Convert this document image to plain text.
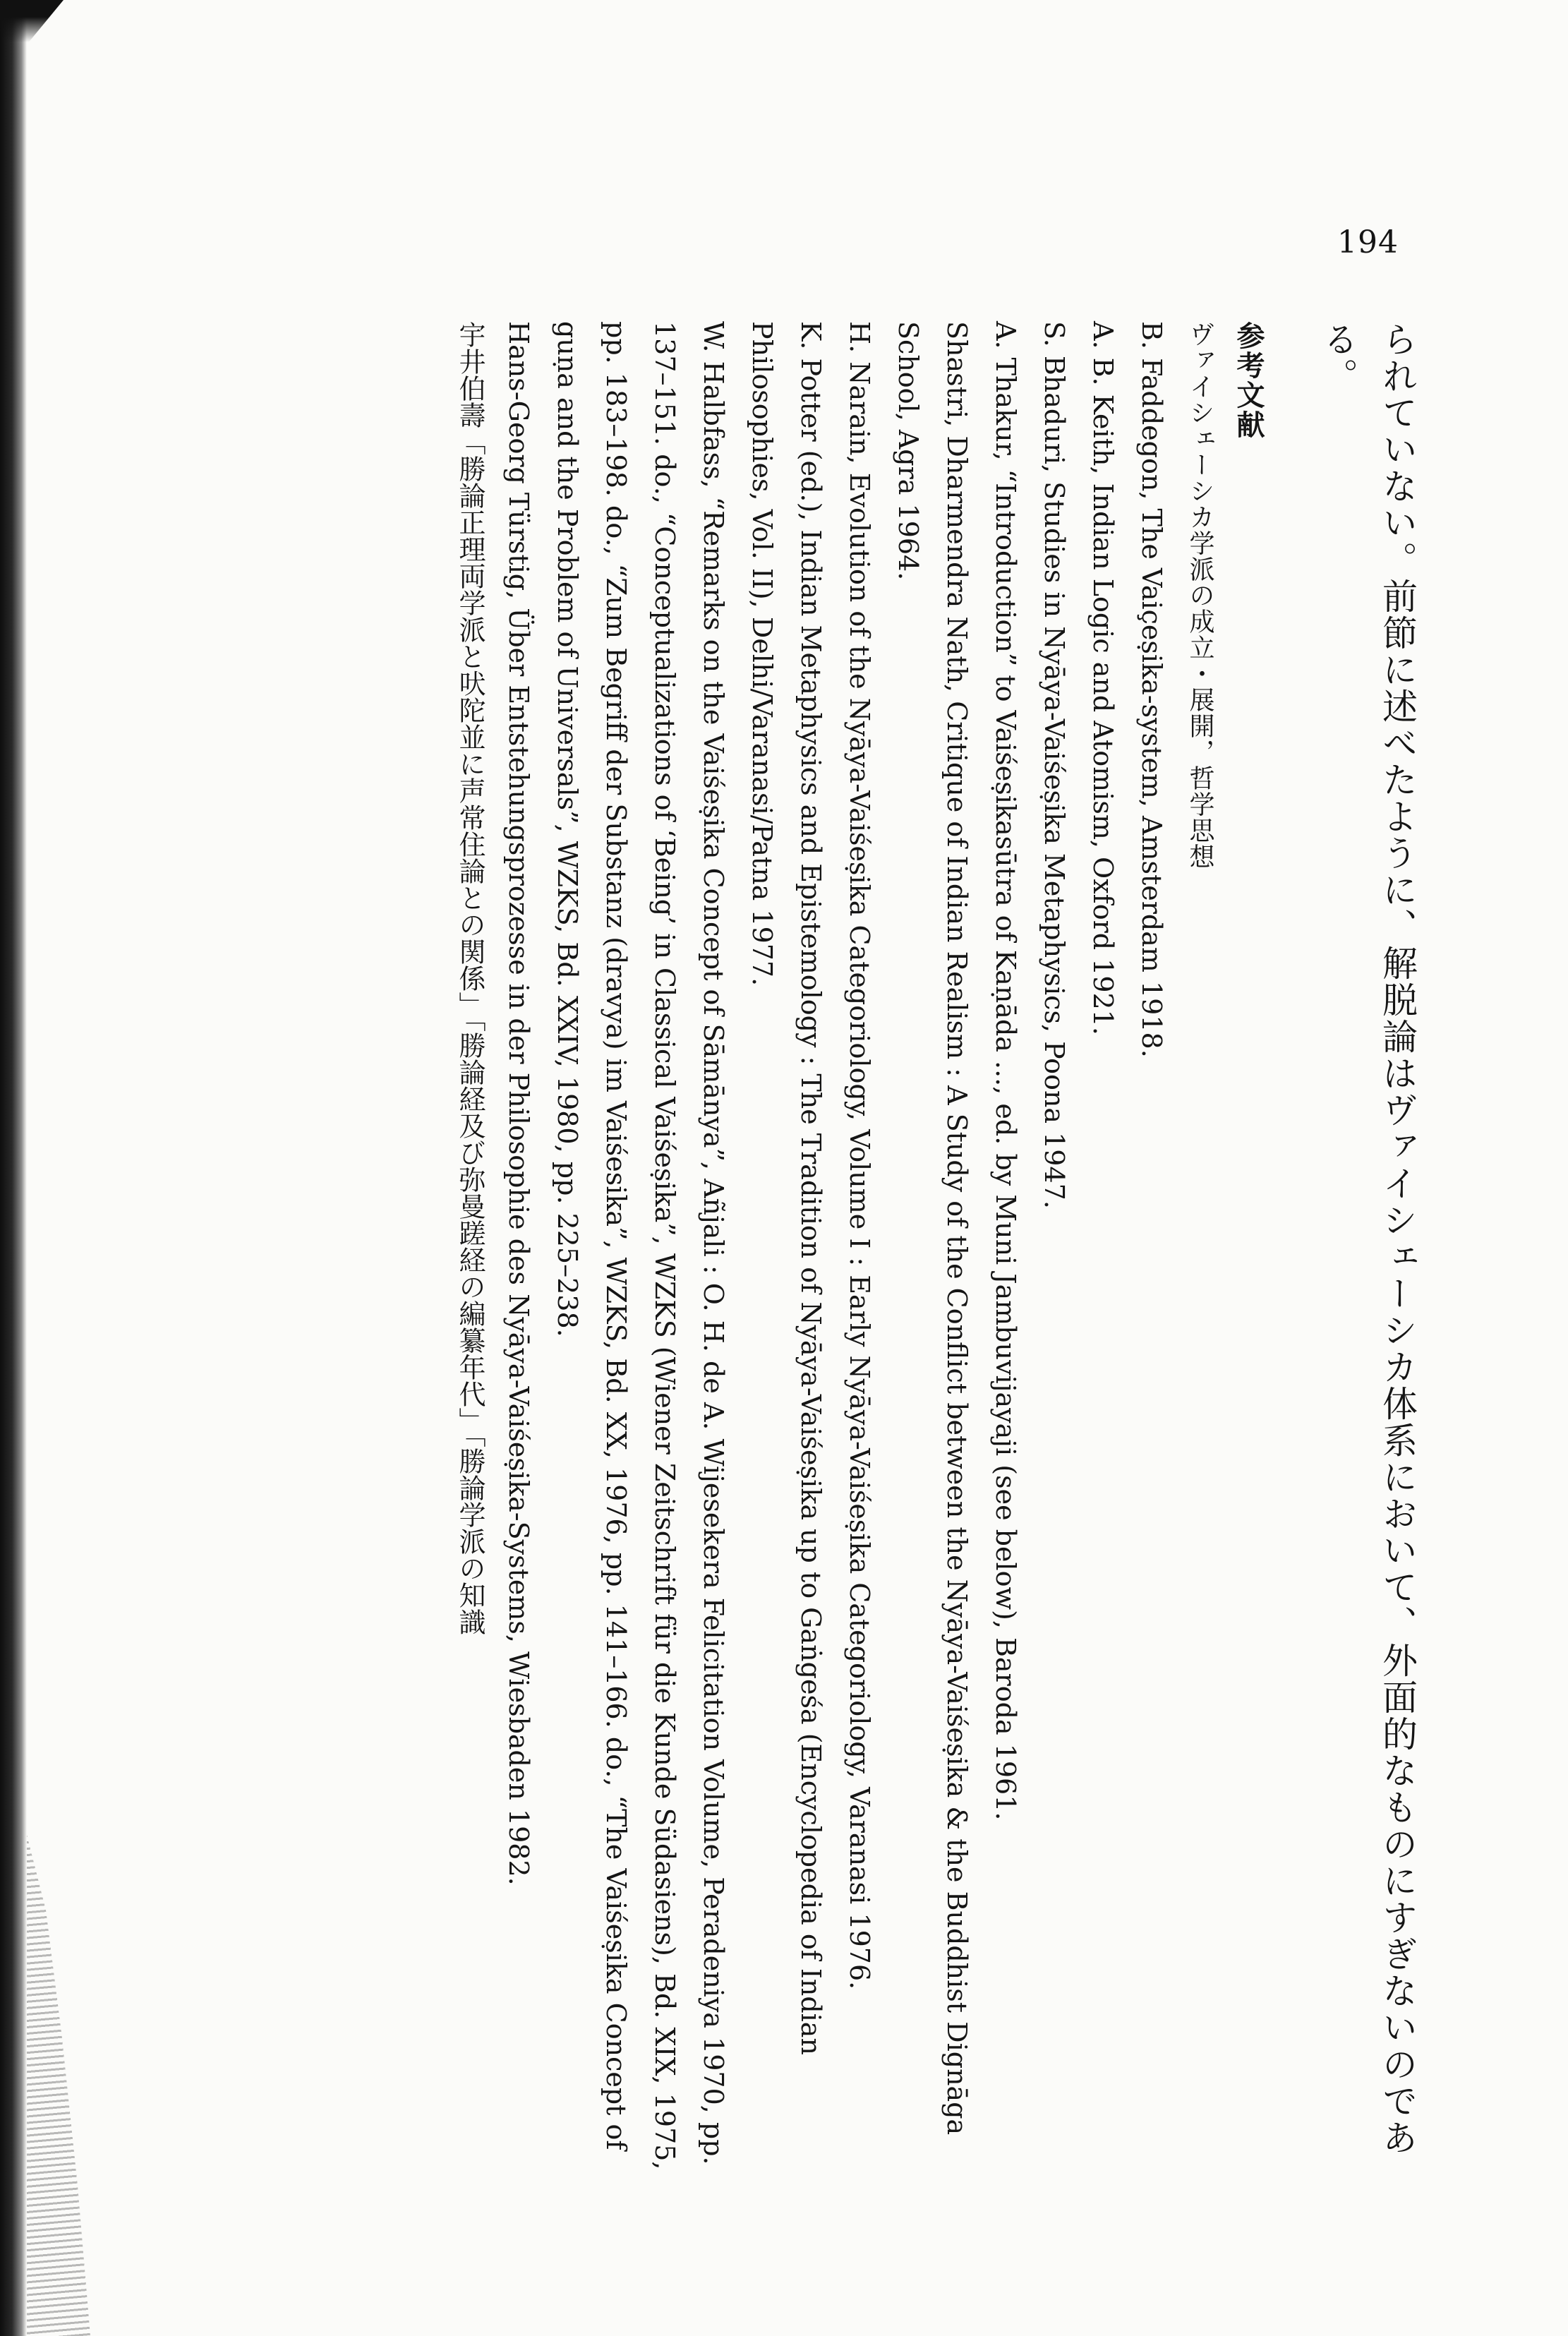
194

られていない。前節に述べたように、解脱論はヴァイシェーシカ体系において、外面的なものにすぎないのである。

参考文献

ヴァイシェーシカ学派の成立・展開，哲学思想

B. Faddegon, The Vaiçeṣika-system, Amsterdam 1918.

A. B. Keith, Indian Logic and Atomism, Oxford 1921.

S. Bhaduri, Studies in Nyāya-Vaiśeṣika Metaphysics, Poona 1947.

A. Thakur, “Introduction” to Vaiśeṣikasūtra of Kaṇāda ..., ed. by Muni Jambuvijayaji (see below), Baroda 1961.

Shastri, Dharmendra Nath, Critique of Indian Realism : A Study of the Conflict between the Nyāya-Vaiśeṣika & the Buddhist Dignāga School, Agra 1964.

H. Narain, Evolution of the Nyāya-Vaiśeṣika Categoriology, Volume I : Early Nyāya-Vaiśeṣika Categoriology, Varanasi 1976.

K. Potter (ed.), Indian Metaphysics and Epistemology : The Tradition of Nyāya-Vaiśeṣika up to Gaṅgeśa (Encyclopedia of Indian Philosophies, Vol. II), Delhi/Varanasi/Patna 1977.

W. Halbfass, “Remarks on the Vaiśeṣika Concept of Sāmānya”, Añjali : O. H. de A. Wijesekera Felicitation Volume, Peradeniya 1970, pp. 137–151. do., “Conceptualizations of ‘Being’ in Classical Vaiśeṣika”, WZKS (Wiener Zeitschrift für die Kunde Südasiens), Bd. XIX, 1975, pp. 183–198. do., “Zum Begriff der Substanz (dravya) im Vaiśesika”, WZKS, Bd. XX, 1976, pp. 141–166. do., “The Vaiśeṣika Concept of guṇa and the Problem of Universals”, WZKS, Bd. XXIV, 1980, pp. 225–238.

Hans-Georg Türstig, Über Entstehungsprozesse in der Philosophie des Nyāya-Vaiśeṣika-Systems, Wiesbaden 1982.

宇井伯壽「勝論正理両学派と吠陀並に声常住論との関係」「勝論経及び弥曼蹉経の編纂年代」「勝論学派の知識
